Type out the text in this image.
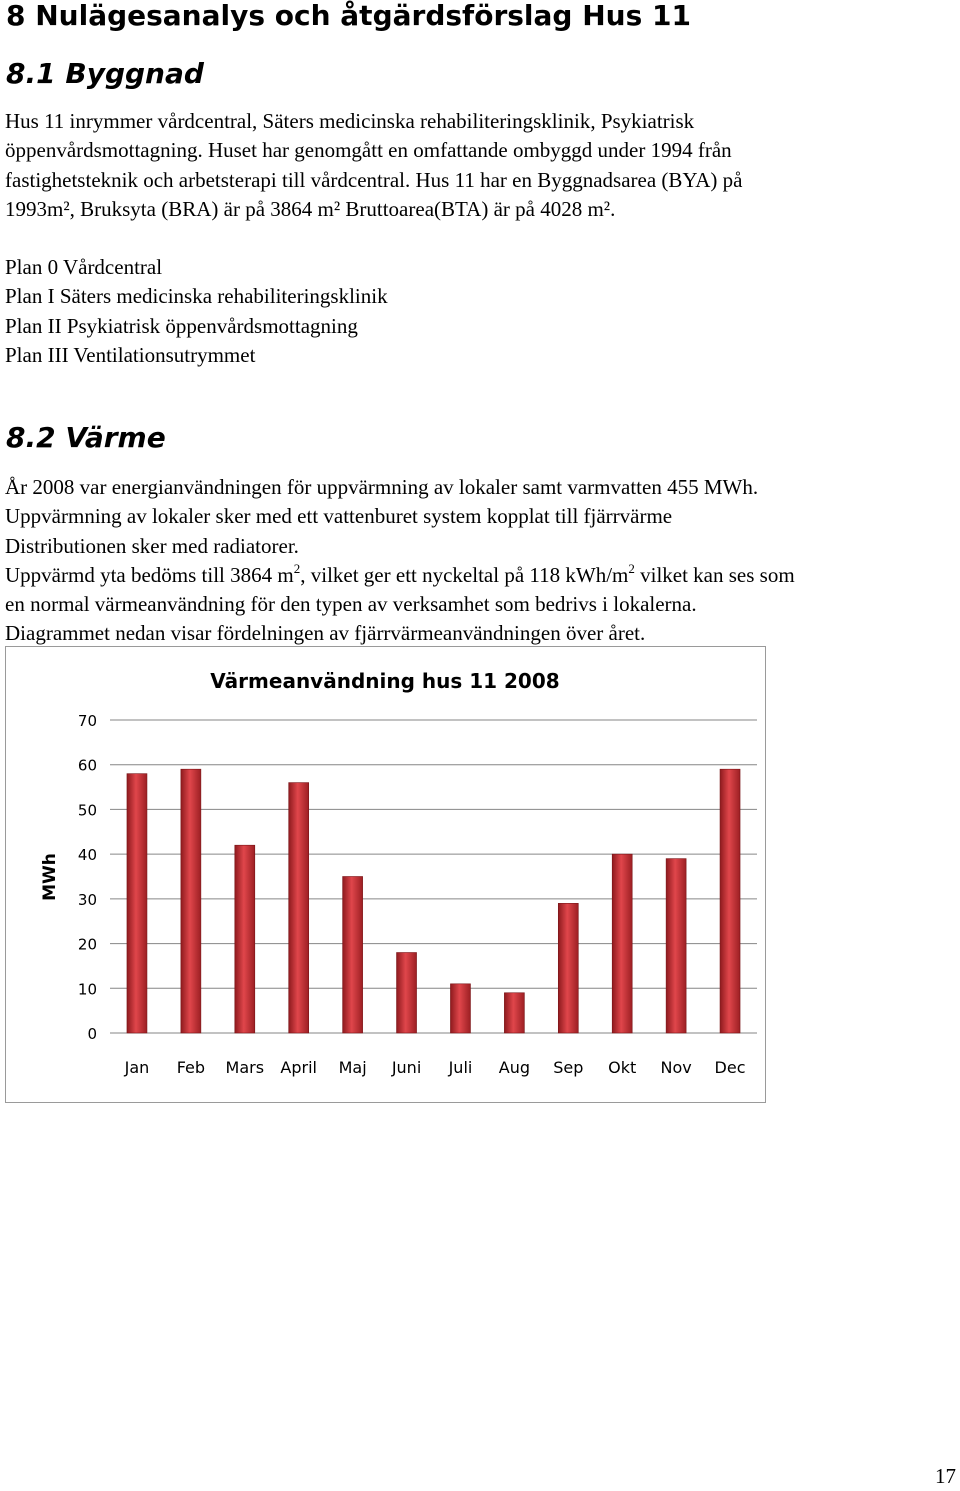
8 Nulägesanalys och åtgärdsförslag Hus 11
8.1 Byggnad

Hus 11 inrymmer vårdcentral, Säters medicinska rehabiliteringsklinik, Psykiatrisk

öppenvårdsmottagning. Huset har genomgått en omfattande ombyggd under 1994 från

fastighetsteknik och arbetsterapi till vårdcentral. Hus 11 har en Byggnadsarea (BYA) på

1993m², Bruksyta (BRA) är på 3864 m² Bruttoarea(BTA) är på 4028 m².

Plan 0 Vårdcentral

Plan I Säters medicinska rehabiliteringsklinik

Plan II Psykiatrisk öppenvårdsmottagning

Plan III Ventilationsutrymmet

8.2 Värme

År 2008 var energianvändningen för uppvärmning av lokaler samt varmvatten 455 MWh.

Uppvärmning av lokaler sker med ett vattenburet system kopplat till fjärrvärme

Distributionen sker med radiatorer.

Uppvärmd yta bedöms till 3864 $m^2$, vilket ger ett nyckeltal på 118 kWh/$m^2$ vilket kan ses som

en normal värmeanvändning för den typen av verksamhet som bedrivs i lokalerna.

Diagrammet nedan visar fördelningen av fjärrvärmeanvändningen över året.

Värmeanvändning hus 11 2008
MWh
0
10
20
30
40
50
60
70
Jan Feb Mars April Maj Juni Juli Aug Sep Okt Nov Dec
17
